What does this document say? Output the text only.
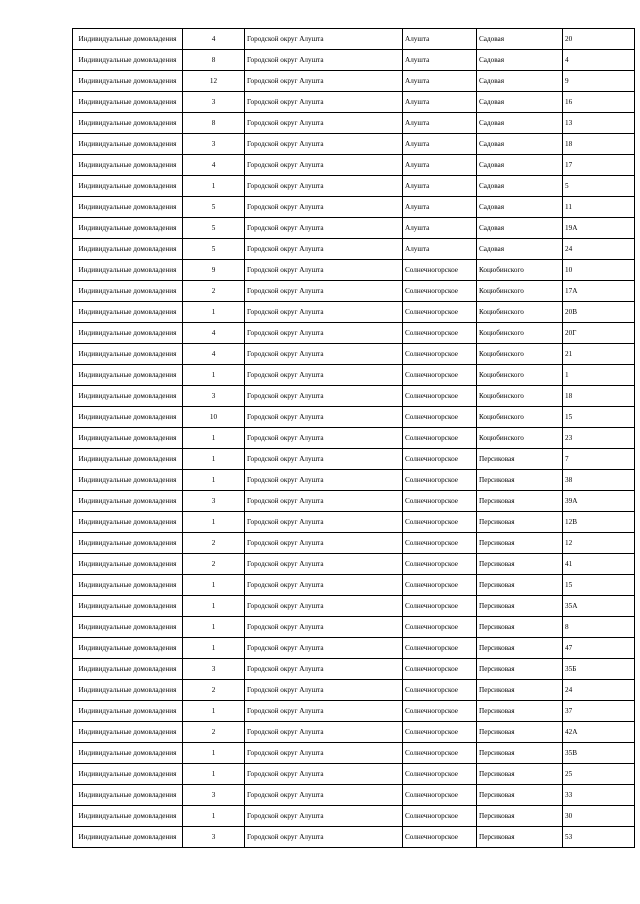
Индивидуальные домовладения	4	Городской округ Алушта	Алушта	Садовая	20
Индивидуальные домовладения	8	Городской округ Алушта	Алушта	Садовая	4
Индивидуальные домовладения	12	Городской округ Алушта	Алушта	Садовая	9
Индивидуальные домовладения	3	Городской округ Алушта	Алушта	Садовая	16
Индивидуальные домовладения	8	Городской округ Алушта	Алушта	Садовая	13
Индивидуальные домовладения	3	Городской округ Алушта	Алушта	Садовая	18
Индивидуальные домовладения	4	Городской округ Алушта	Алушта	Садовая	17
Индивидуальные домовладения	1	Городской округ Алушта	Алушта	Садовая	5
Индивидуальные домовладения	5	Городской округ Алушта	Алушта	Садовая	11
Индивидуальные домовладения	5	Городской округ Алушта	Алушта	Садовая	19А
Индивидуальные домовладения	5	Городской округ Алушта	Алушта	Садовая	24
Индивидуальные домовладения	9	Городской округ Алушта	Солнечногорское	Коцюбинского	10
Индивидуальные домовладения	2	Городской округ Алушта	Солнечногорское	Коцюбинского	17А
Индивидуальные домовладения	1	Городской округ Алушта	Солнечногорское	Коцюбинского	20В
Индивидуальные домовладения	4	Городской округ Алушта	Солнечногорское	Коцюбинского	20Г
Индивидуальные домовладения	4	Городской округ Алушта	Солнечногорское	Коцюбинского	21
Индивидуальные домовладения	1	Городской округ Алушта	Солнечногорское	Коцюбинского	1
Индивидуальные домовладения	3	Городской округ Алушта	Солнечногорское	Коцюбинского	18
Индивидуальные домовладения	10	Городской округ Алушта	Солнечногорское	Коцюбинского	15
Индивидуальные домовладения	1	Городской округ Алушта	Солнечногорское	Коцюбинского	23
Индивидуальные домовладения	1	Городской округ Алушта	Солнечногорское	Персиковая	7
Индивидуальные домовладения	1	Городской округ Алушта	Солнечногорское	Персиковая	38
Индивидуальные домовладения	3	Городской округ Алушта	Солнечногорское	Персиковая	39А
Индивидуальные домовладения	1	Городской округ Алушта	Солнечногорское	Персиковая	12В
Индивидуальные домовладения	2	Городской округ Алушта	Солнечногорское	Персиковая	12
Индивидуальные домовладения	2	Городской округ Алушта	Солнечногорское	Персиковая	41
Индивидуальные домовладения	1	Городской округ Алушта	Солнечногорское	Персиковая	15
Индивидуальные домовладения	1	Городской округ Алушта	Солнечногорское	Персиковая	35А
Индивидуальные домовладения	1	Городской округ Алушта	Солнечногорское	Персиковая	8
Индивидуальные домовладения	1	Городской округ Алушта	Солнечногорское	Персиковая	47
Индивидуальные домовладения	3	Городской округ Алушта	Солнечногорское	Персиковая	35Б
Индивидуальные домовладения	2	Городской округ Алушта	Солнечногорское	Персиковая	24
Индивидуальные домовладения	1	Городской округ Алушта	Солнечногорское	Персиковая	37
Индивидуальные домовладения	2	Городской округ Алушта	Солнечногорское	Персиковая	42А
Индивидуальные домовладения	1	Городской округ Алушта	Солнечногорское	Персиковая	35В
Индивидуальные домовладения	1	Городской округ Алушта	Солнечногорское	Персиковая	25
Индивидуальные домовладения	3	Городской округ Алушта	Солнечногорское	Персиковая	33
Индивидуальные домовладения	1	Городской округ Алушта	Солнечногорское	Персиковая	30
Индивидуальные домовладения	3	Городской округ Алушта	Солнечногорское	Персиковая	53
